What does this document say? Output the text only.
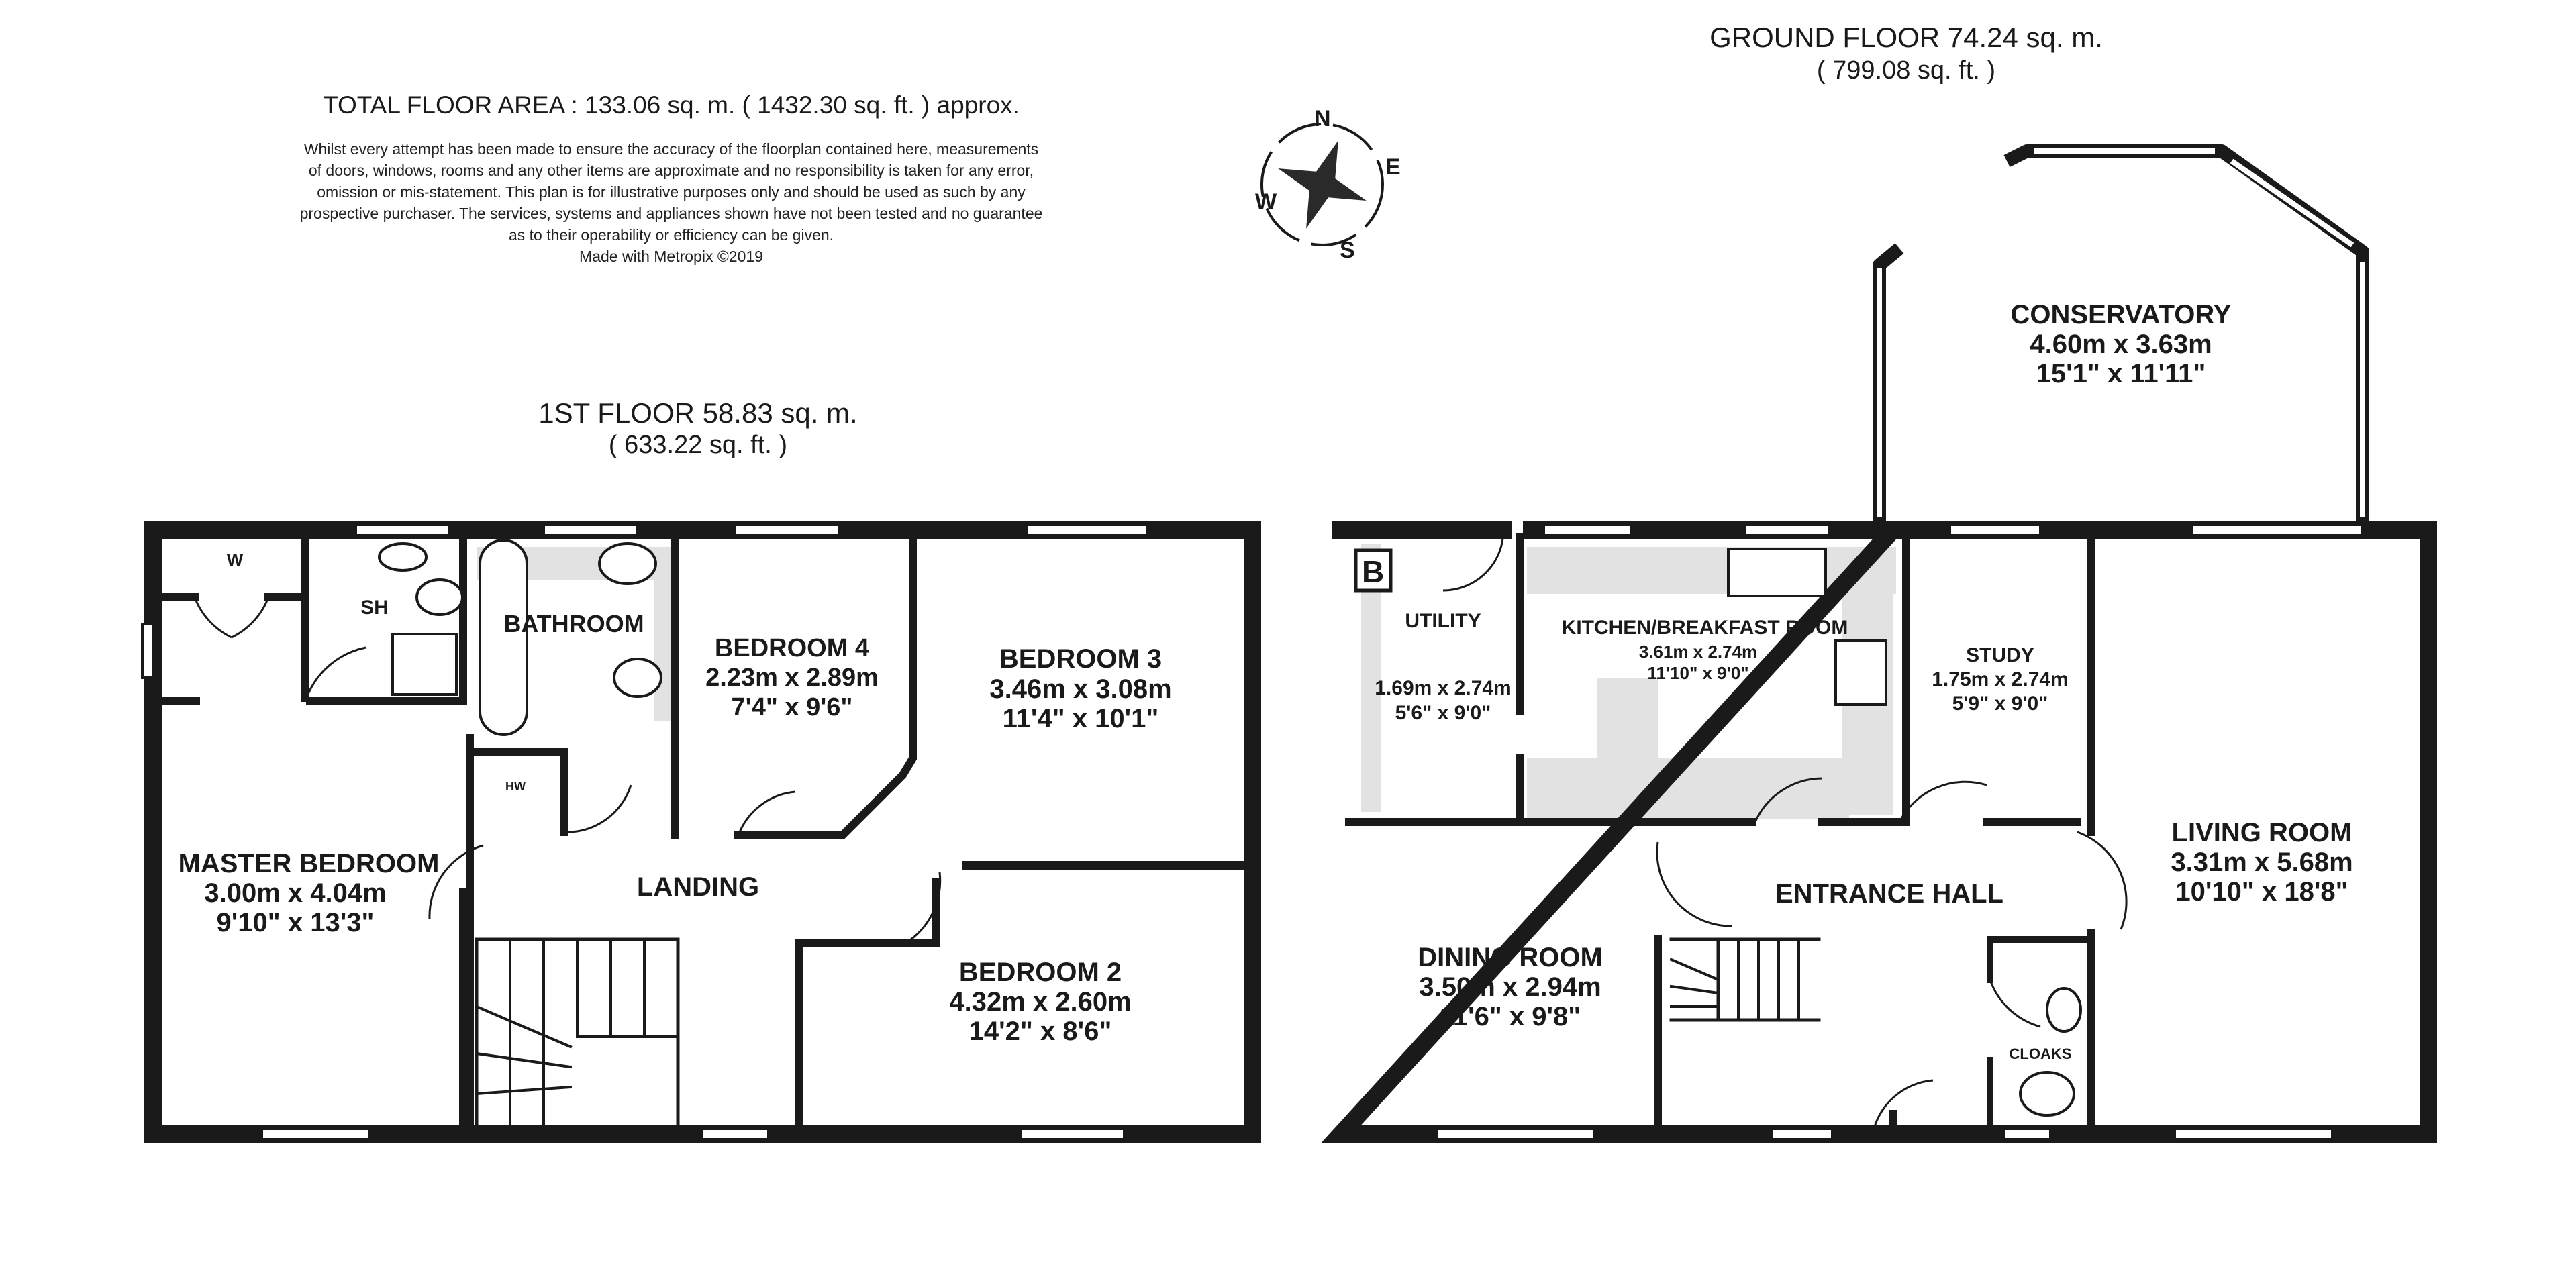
TOTAL FLOOR AREA : 133.06 sq. m. ( 1432.30 sq. ft. ) approx.
Whilst every attempt has been made to ensure the accuracy of the floorplan contained here, measurements
of doors, windows, rooms and any other items are approximate and no responsibility is taken for any error,
omission or mis-statement. This plan is for illustrative purposes only and should be used as such by any
prospective purchaser. The services, systems and appliances shown have not been tested and no guarantee
as to their operability or efficiency can be given.
Made with Metropix ©2019
1ST FLOOR 58.83 sq. m.
( 633.22 sq. ft. )
GROUND FLOOR 74.24 sq. m.
( 799.08 sq. ft. )
N
E
S
W
B
W
SH
BATHROOM
HW
BEDROOM 4
2.23m x 2.89m
7'4" x 9'6"
BEDROOM 3
3.46m x 3.08m
11'4" x 10'1"
MASTER BEDROOM
3.00m x 4.04m
9'10" x 13'3"
LANDING
BEDROOM 2
4.32m x 2.60m
14'2" x 8'6"
CONSERVATORY
4.60m x 3.63m
15'1" x 11'11"
UTILITY
1.69m x 2.74m
5'6" x 9'0"
KITCHEN/BREAKFAST ROOM
3.61m x 2.74m
11'10" x 9'0"
STUDY
1.75m x 2.74m
5'9" x 9'0"
LIVING ROOM
3.31m x 5.68m
10'10" x 18'8"
ENTRANCE HALL
DINING ROOM
3.50m x 2.94m
11'6" x 9'8"
CLOAKS
